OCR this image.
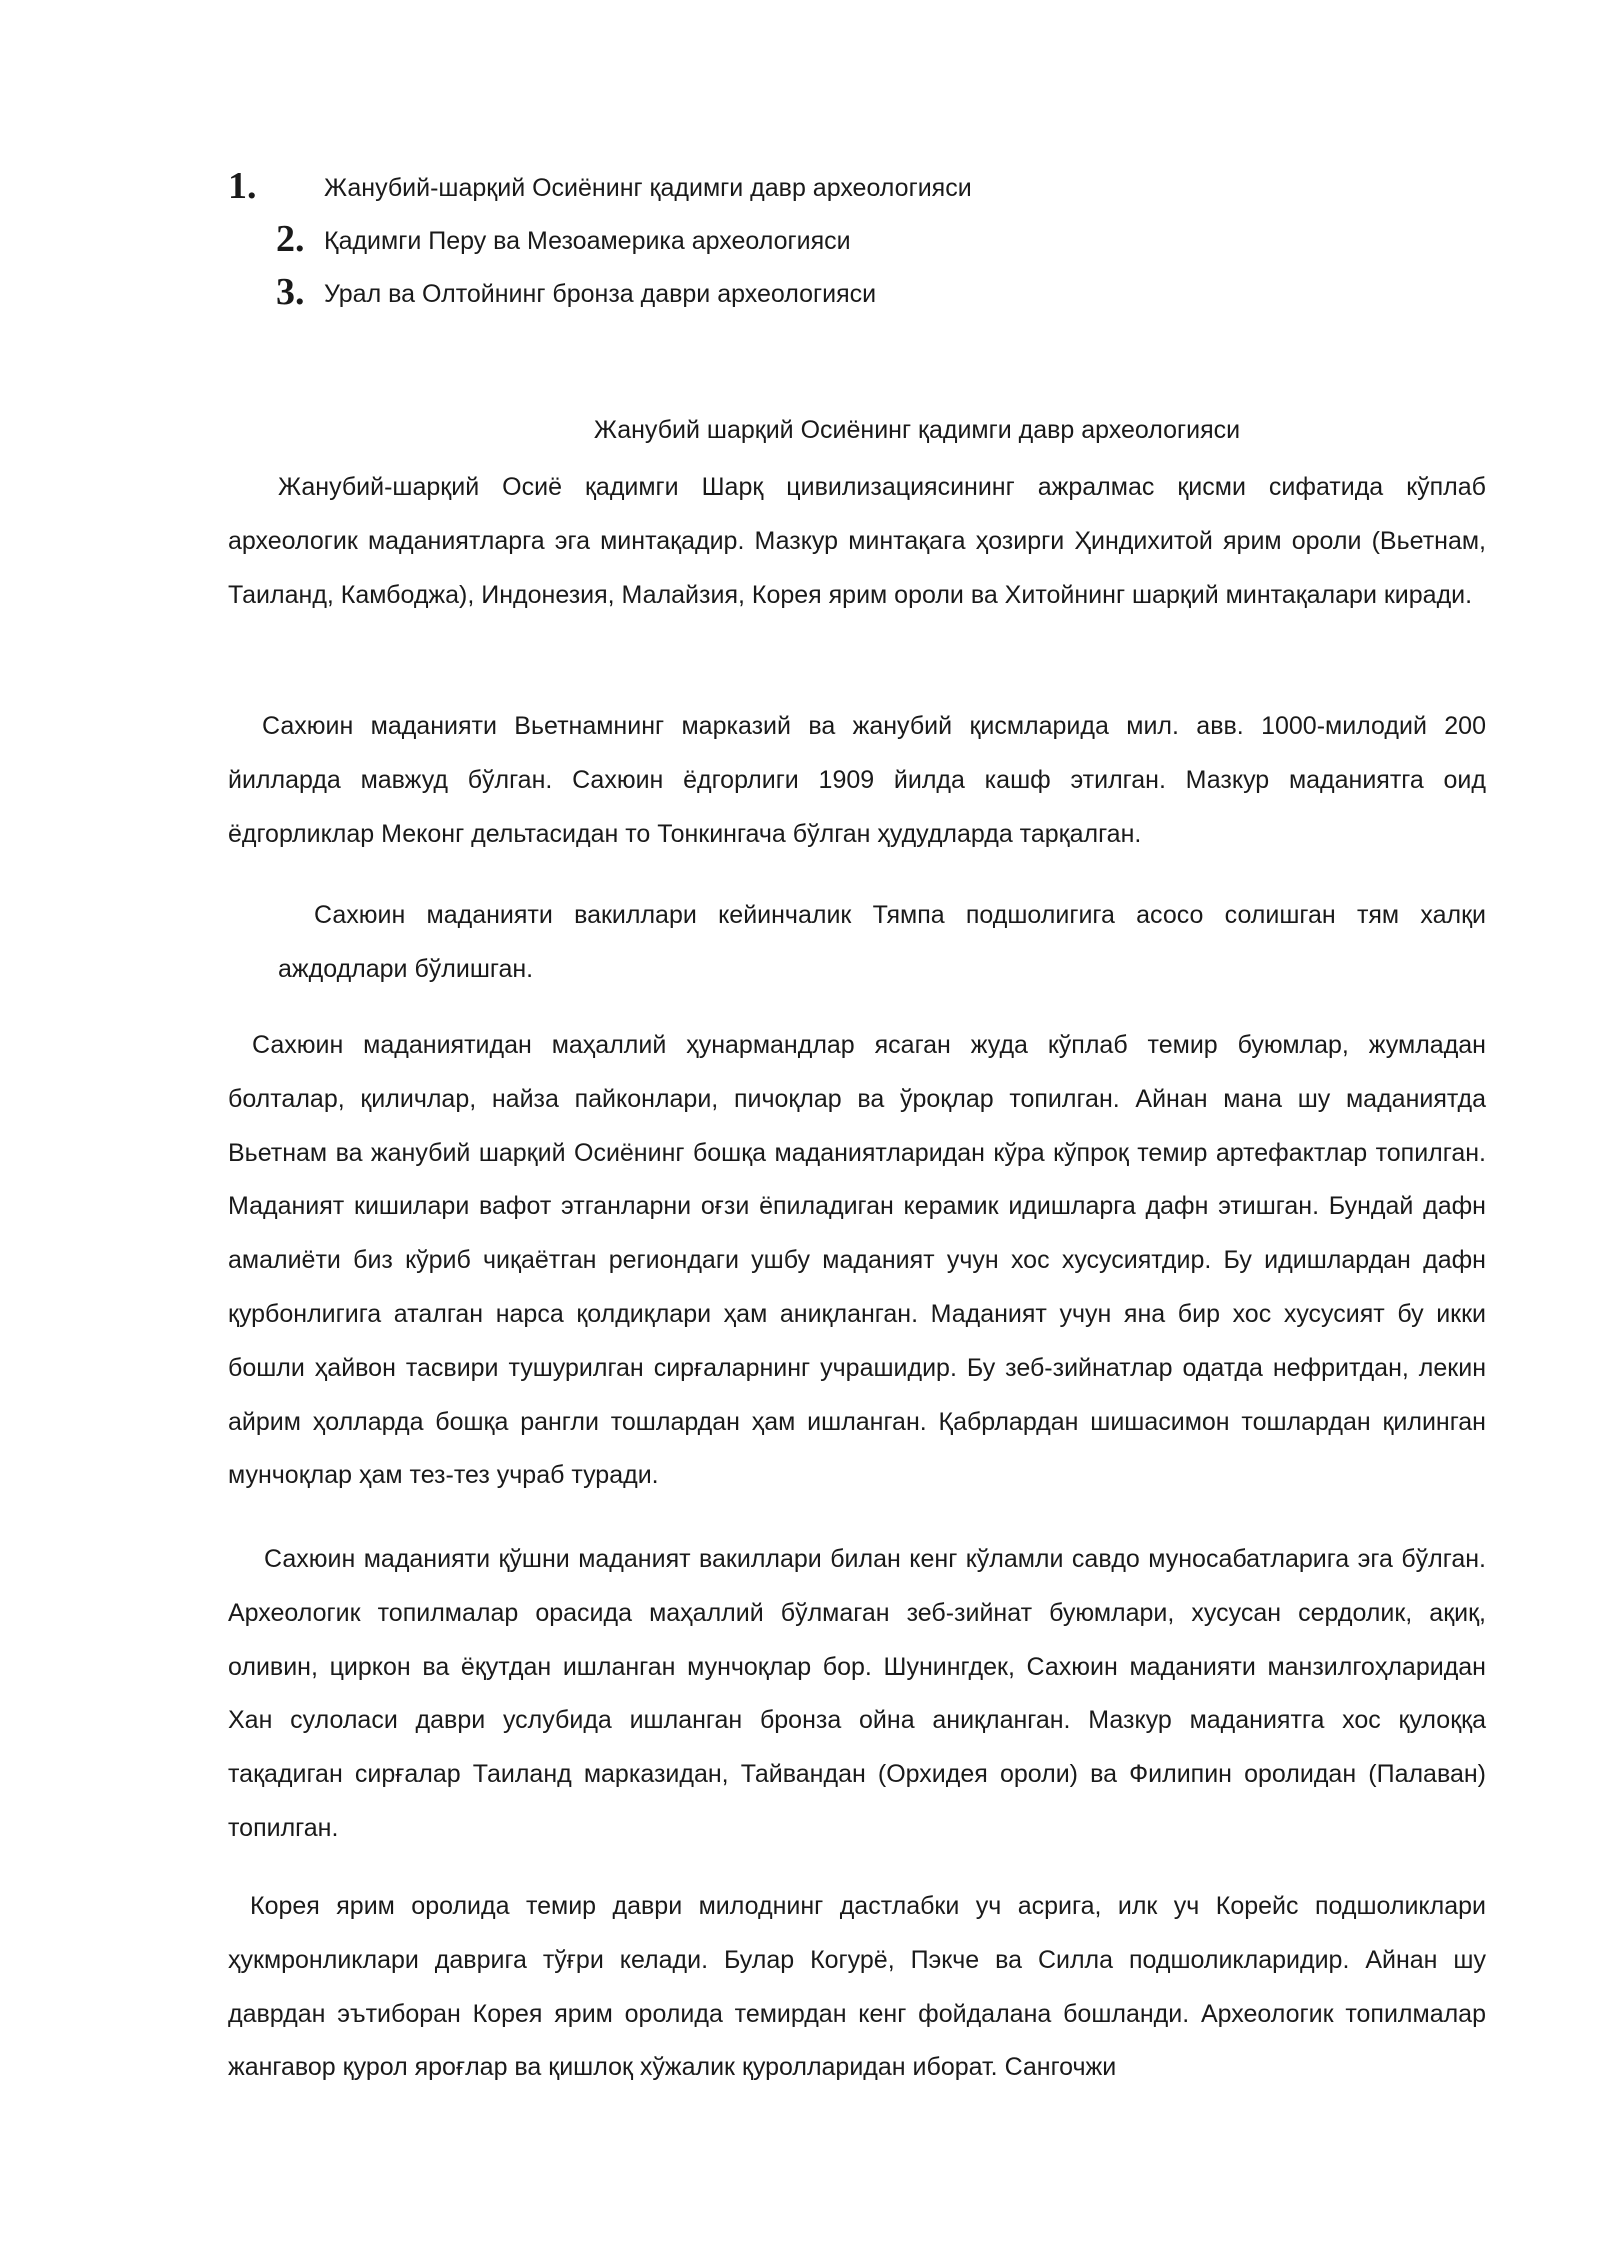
1.	Жанубий-шарқий Осиёнинг қадимги давр археологияси
2. Қадимги Перу ва Мезоамерика археологияси
3. Урал ва Олтойнинг бронза даври археологияси
Жанубий шарқий Осиёнинг қадимги давр археологияси

Жанубий-шарқий Осиё қадимги Шарқ цивилизациясининг ажралмас қисми сифатида кўплаб археологик маданиятларга эга минтақадир. Мазкур минтақага ҳозирги Ҳиндихитой ярим ороли (Вьетнам, Таиланд, Камбоджа), Индонезия, Малайзия, Корея ярим ороли ва Хитойнинг шарқий минтақалари киради.

Сахюин маданияти Вьетнамнинг марказий ва жанубий қисмларида мил. авв. 1000-милодий 200 йилларда мавжуд бўлган. Сахюин ёдгорлиги 1909 йилда кашф этилган. Мазкур маданиятга оид ёдгорликлар Меконг дельтасидан то Тонкингача бўлган ҳудудларда тарқалган.

Сахюин маданияти вакиллари кейинчалик Тямпа подшолигига асосо солишган тям халқи аждодлари бўлишган.

Сахюин маданиятидан маҳаллий ҳунармандлар ясаган жуда кўплаб темир буюмлар, жумладан болталар, қиличлар, найза пайконлари, пичоқлар ва ўроқлар топилган. Айнан мана шу маданиятда Вьетнам ва жанубий шарқий Осиёнинг бошқа маданиятларидан кўра кўпроқ темир артефактлар топилган. Маданият кишилари вафот этганларни оғзи ёпиладиган керамик идишларга дафн этишган. Бундай дафн амалиёти биз кўриб чиқаётган региондаги ушбу маданият учун хос хусусиятдир. Бу идишлардан дафн қурбонлигига аталган нарса қолдиқлари ҳам аниқланган. Маданият учун яна бир хос хусусият бу икки бошли ҳайвон тасвири тушурилган сирғаларнинг учрашидир. Бу зеб-зийнатлар одатда нефритдан, лекин айрим ҳолларда бошқа рангли тошлардан ҳам ишланган. Қабрлардан шишасимон тошлардан қилинган мунчоқлар ҳам тез-тез учраб туради.

Сахюин маданияти қўшни маданият вакиллари билан кенг кўламли савдо муносабатларига эга бўлган. Археологик топилмалар орасида маҳаллий бўлмаган зеб-зийнат буюмлари, хусусан сердолик, ақиқ, оливин, циркон ва ёқутдан ишланган мунчоқлар бор. Шунингдек, Сахюин маданияти манзилгоҳларидан Хан сулоласи даври услубида ишланган бронза ойна аниқланган. Мазкур маданиятга хос қулоққа тақадиган сирғалар Таиланд марказидан, Тайвандан (Орхидея ороли) ва Филипин оролидан (Палаван) топилган.

Корея ярим оролида темир даври милоднинг дастлабки уч асрига, илк уч Корейс подшоликлари ҳукмронликлари даврига тўғри келади. Булар Когурё, Пэкче ва Силла подшоликларидир. Айнан шу даврдан эътиборан Корея ярим оролида темирдан кенг фойдалана бошланди. Археологик топилмалар жангавор қурол яроғлар ва қишлоқ хўжалик қуролларидан иборат. Сангочжи
